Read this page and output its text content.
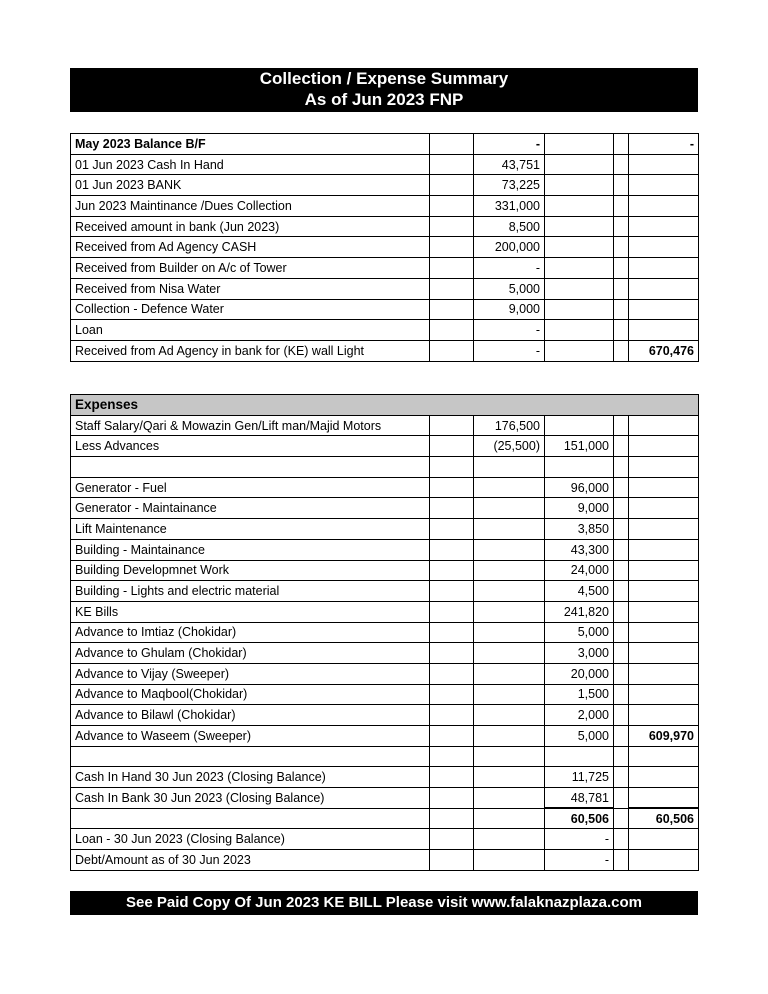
Collection / Expense Summary
As of Jun 2023 FNP
May 2023 Balance B/F		-			-
01 Jun 2023 Cash In Hand		43,751			
01 Jun 2023 BANK		73,225			
Jun 2023 Maintinance /Dues Collection		331,000			
Received amount in bank (Jun 2023)		8,500			
Received from Ad Agency CASH		200,000			
Received from Builder on A/c of Tower		-			
Received from Nisa Water		5,000			
Collection - Defence Water		9,000			
Loan		-			
Received from Ad Agency in bank for (KE) wall Light		-			670,476
Expenses					
Staff Salary/Qari & Mowazin Gen/Lift man/Majid Motors		176,500			
Less Advances		(25,500)	151,000		

Generator - Fuel			96,000		
Generator - Maintainance			9,000		
Lift Maintenance			3,850		
Building - Maintainance			43,300		
Building Developmnet Work			24,000		
Building - Lights and electric material			4,500		
KE Bills			241,820		
Advance to Imtiaz (Chokidar)			5,000		
Advance to Ghulam (Chokidar)			3,000		
Advance to Vijay (Sweeper)			20,000		
Advance to Maqbool(Chokidar)			1,500		
Advance to Bilawl (Chokidar)			2,000		
Advance to Waseem (Sweeper)			5,000		609,970

Cash In Hand 30 Jun 2023 (Closing Balance)			11,725		
Cash In Bank 30 Jun 2023 (Closing Balance)			48,781		
			60,506		60,506
Loan - 30 Jun 2023 (Closing Balance)			-		
Debt/Amount as of 30 Jun 2023			-		
See Paid Copy Of Jun 2023 KE BILL Please visit www.falaknazplaza.com
